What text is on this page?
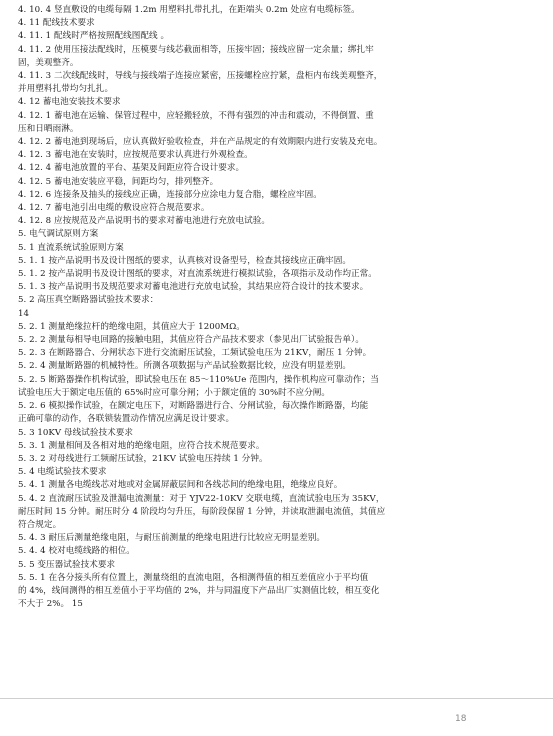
4. 10. 4 竖直敷设的电缆每隔 1.2m 用塑料扎带扎扎，在距端头 0.2m 处应有电缆标签。
4. 11 配线技术要求
4. 11. 1 配线时严格按照配线图配线 。
4. 11. 2 使用压接法配线时，压模要与线芯截面相等，压接牢固；接线应留一定余量；绑扎牢
固，美观整齐。
4. 11. 3 二次线配线时，导线与接线端子连接应紧密，压接螺栓应拧紧，盘柜内布线美观整齐，
并用塑料扎带均匀扎扎。
4. 12 蓄电池安装技术要求
4. 12. 1 蓄电池在运输、保管过程中，应轻搬轻放，不得有强烈的冲击和震动，不得倒置、重
压和日晒雨淋。
4. 12. 2 蓄电池到现场后，应认真做好验收检查，并在产品规定的有效期限内进行安装及充电。
4. 12. 3 蓄电池在安装时，应按规范要求认真进行外观检查。
4. 12. 4 蓄电池放置的平台、基架及间距应符合设计要求。
4. 12. 5 蓄电池安装应平稳，间距均匀，排列整齐。
4. 12. 6 连接条及抽头的接线应正确，连接部分应涂电力复合脂，螺栓应牢固。
4. 12. 7 蓄电池引出电缆的敷设应符合规范要求。
4. 12. 8 应按规范及产品说明书的要求对蓄电池进行充放电试验。
5. 电气调试原则方案
5. 1 直流系统试验原则方案
5. 1. 1 按产品说明书及设计图纸的要求，认真核对设备型号，检查其接线应正确牢固。
5. 1. 2 按产品说明书及设计图纸的要求，对直流系统进行模拟试验，各项指示及动作均正常。
5. 1. 3 按产品说明书及规范要求对蓄电池进行充放电试验，其结果应符合设计的技术要求。
5. 2 高压真空断路器试验技术要求：
14
5. 2. 1 测量绝缘拉杆的绝缘电阻，其值应大于 1200MΩ。
5. 2. 2 测量每相导电回路的接触电阻，其值应符合产品技术要求（参见出厂试验报告单）。
5. 2. 3 在断路器合、分闸状态下进行交流耐压试验，工频试验电压为 21KV，耐压 1 分钟。
5. 2. 4 测量断路器的机械特性。所测各项数据与产品试验数据比较，应没有明显差别。
5. 2. 5 断路器操作机构试验，即试验电压在 85～110%Ue 范围内，操作机构应可靠动作；当
试验电压大于额定电压值的 65%时应可靠分闸；小于额定值的 30%时不应分闸。
5. 2. 6 模拟操作试验，在额定电压下，对断路器进行合、分闸试验，每次操作断路器，均能
正确可靠的动作，各联锁装置动作情况应满足设计要求。
5. 3 10KV 母线试验技术要求
5. 3. 1 测量相间及各相对地的绝缘电阻，应符合技术规范要求。
5. 3. 2 对母线进行工频耐压试验，21KV 试验电压持续 1 分钟。
5. 4 电缆试验技术要求
5. 4. 1 测量各电缆线芯对地或对金属屏蔽层间和各线芯间的绝缘电阻，绝缘应良好。
5. 4. 2 直流耐压试验及泄漏电流测量：对于 YJV22-10KV 交联电缆，直流试验电压为 35KV，
耐压时间 15 分钟。耐压时分 4 阶段均匀升压，每阶段保留 1 分钟，并读取泄漏电流值，其值应
符合规定。
5. 4. 3 耐压后测量绝缘电阻，与耐压前测量的绝缘电阻进行比较应无明显差别。
5. 4. 4 校对电缆线路的相位。
5. 5 变压器试验技术要求
5. 5. 1 在各分接头所有位置上，测量绕组的直流电阻，各相测得值的相互差值应小于平均值
的 4%，线间测得的相互差值小于平均值的 2%，并与同温度下产品出厂实测值比较，相互变化
不大于 2%。 15
18
